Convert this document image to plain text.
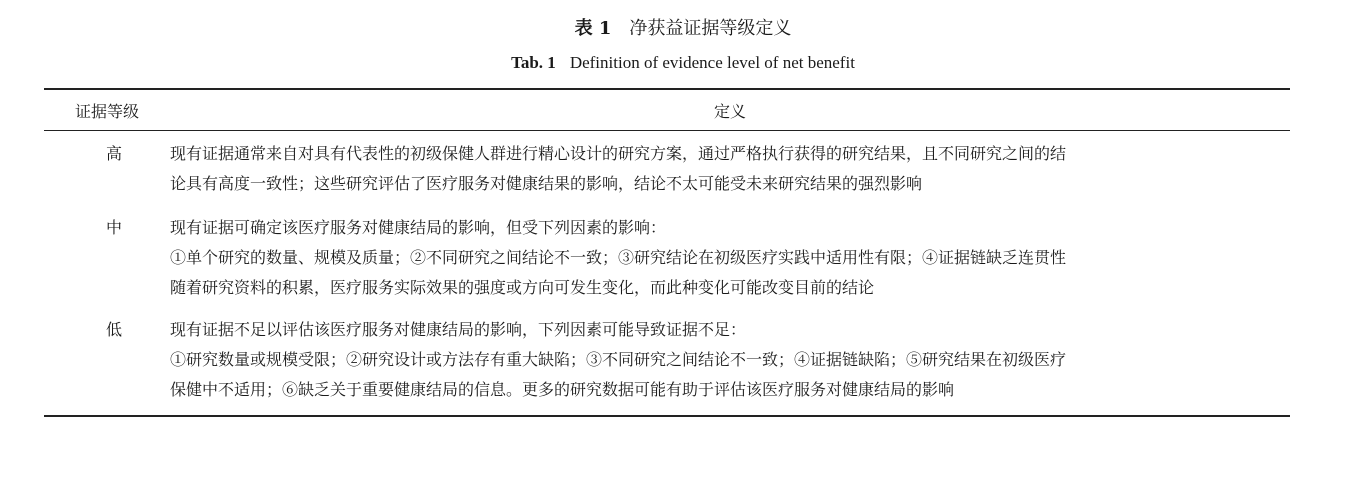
表 1 净获益证据等级定义
Tab. 1 Definition of evidence level of net benefit
证据等级	定义
高	现有证据通常来自对具有代表性的初级保健人群进行精心设计的研究方案，通过严格执行获得的研究结果，且不同研究之间的结
论具有高度一致性；这些研究评估了医疗服务对健康结果的影响，结论不太可能受未来研究结果的强烈影响

中	现有证据可确定该医疗服务对健康结局的影响，但受下列因素的影响：
①单个研究的数量、规模及质量；②不同研究之间结论不一致；③研究结论在初级医疗实践中适用性有限；④证据链缺乏连贯性
随着研究资料的积累，医疗服务实际效果的强度或方向可发生变化，而此种变化可能改变目前的结论

低	现有证据不足以评估该医疗服务对健康结局的影响，下列因素可能导致证据不足：
①研究数量或规模受限；②研究设计或方法存有重大缺陷；③不同研究之间结论不一致；④证据链缺陷；⑤研究结果在初级医疗
保健中不适用；⑥缺乏关于重要健康结局的信息。更多的研究数据可能有助于评估该医疗服务对健康结局的影响
